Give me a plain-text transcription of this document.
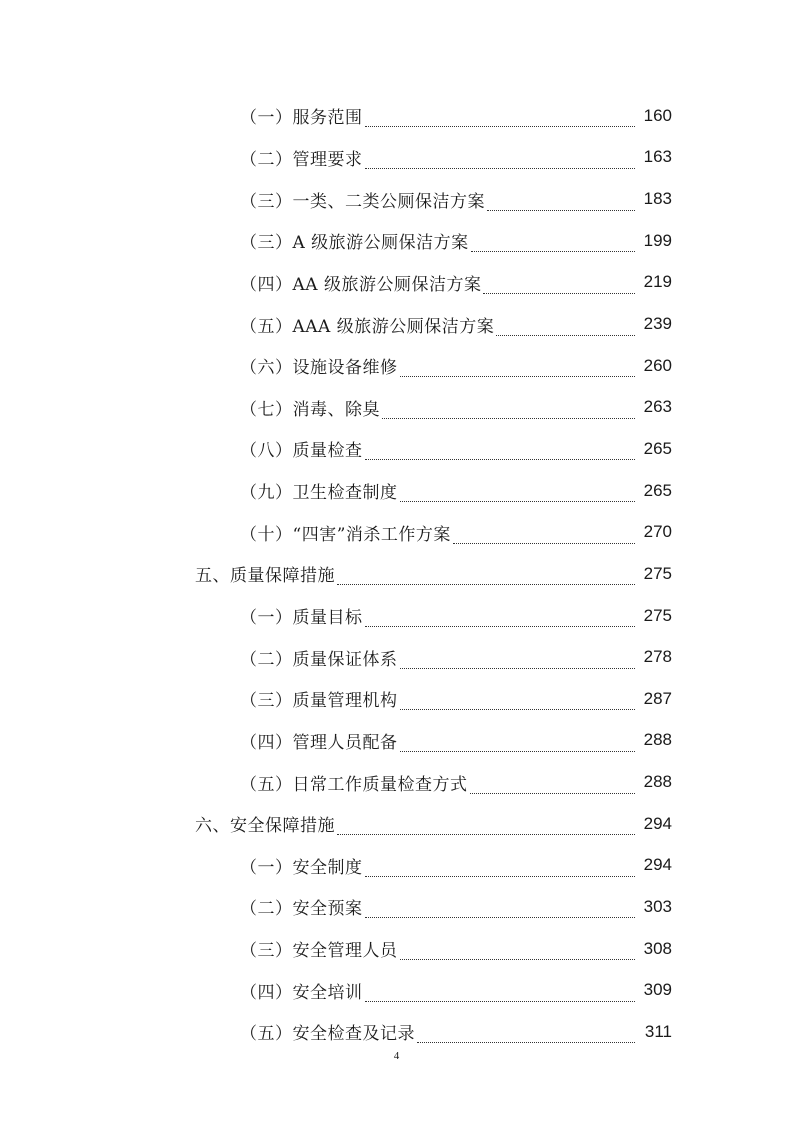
（一）服务范围	160
（二）管理要求	163
（三）一类、二类公厕保洁方案	183
（三）A 级旅游公厕保洁方案	199
（四）AA 级旅游公厕保洁方案	219
（五）AAA 级旅游公厕保洁方案	239
（六）设施设备维修	260
（七）消毒、除臭	263
（八）质量检查	265
（九）卫生检查制度	265
（十）“四害”消杀工作方案	270
五、质量保障措施	275
（一）质量目标	275
（二）质量保证体系	278
（三）质量管理机构	287
（四）管理人员配备	288
（五）日常工作质量检查方式	288
六、安全保障措施	294
（一）安全制度	294
（二）安全预案	303
（三）安全管理人员	308
（四）安全培训	309
（五）安全检查及记录	311
4
